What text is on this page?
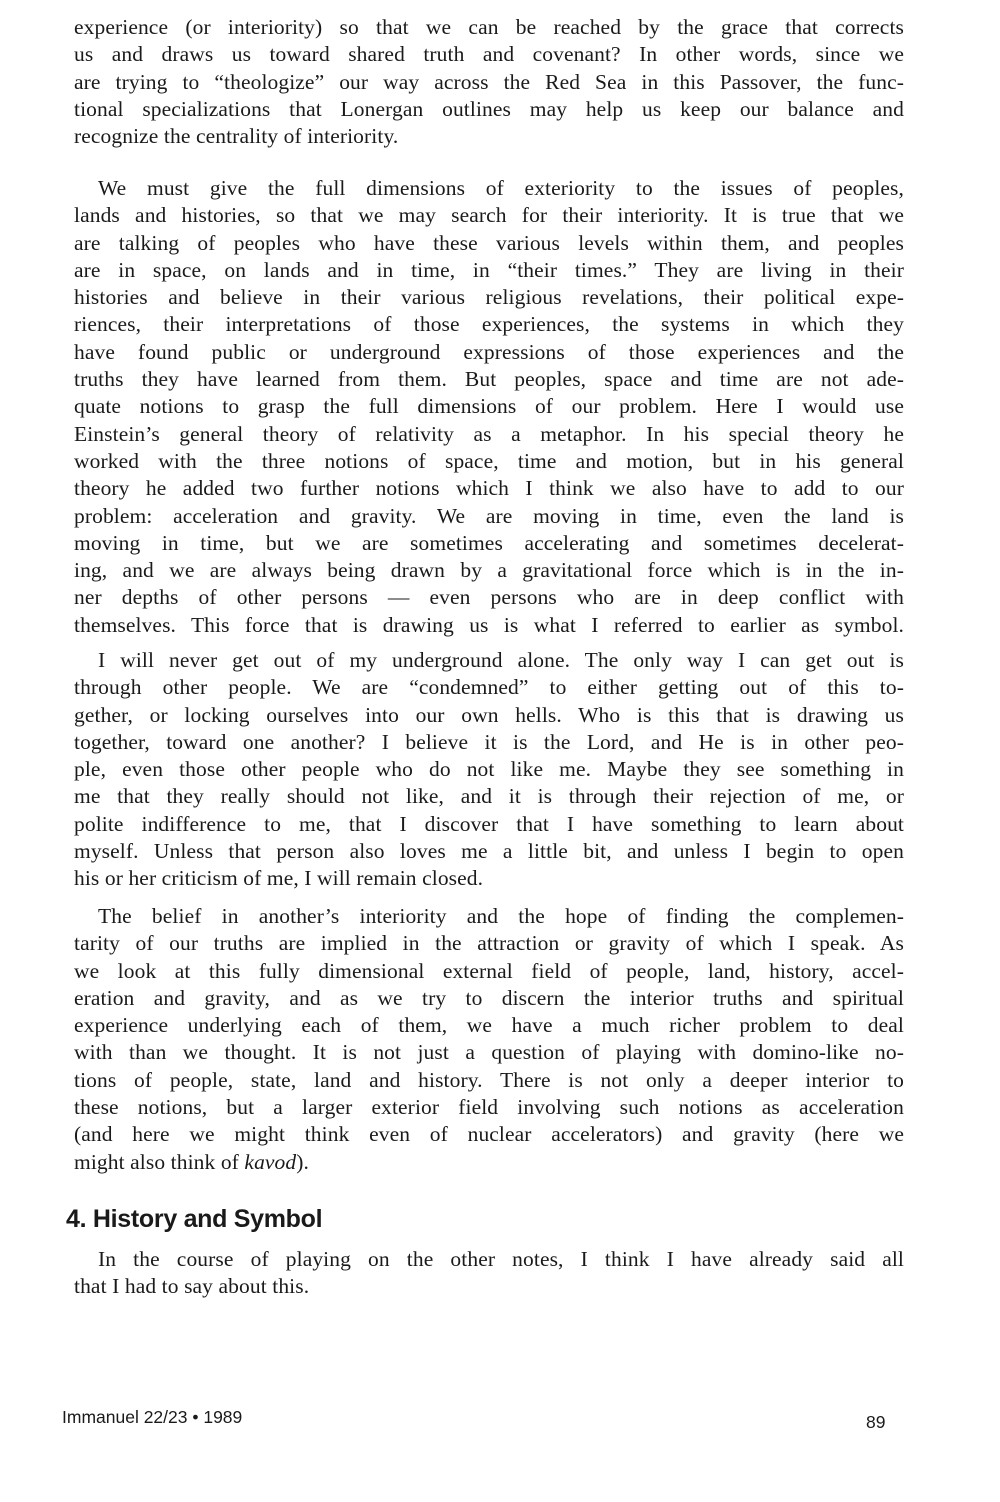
experience (or interiority) so that we can be reached by the grace that corrects
us and draws us toward shared truth and covenant? In other words, since we
are trying to “theologize” our way across the Red Sea in this Passover, the func-
tional specializations that Lonergan outlines may help us keep our balance and
recognize the centrality of interiority.
We must give the full dimensions of exteriority to the issues of peoples,
lands and histories, so that we may search for their interiority. It is true that we
are talking of peoples who have these various levels within them, and peoples
are in space, on lands and in time, in “their times.” They are living in their
histories and believe in their various religious revelations, their political expe-
riences, their interpretations of those experiences, the systems in which they
have found public or underground expressions of those experiences and the
truths they have learned from them. But peoples, space and time are not ade-
quate notions to grasp the full dimensions of our problem. Here I would use
Einstein’s general theory of relativity as a metaphor. In his special theory he
worked with the three notions of space, time and motion, but in his general
theory he added two further notions which I think we also have to add to our
problem: acceleration and gravity. We are moving in time, even the land is
moving in time, but we are sometimes accelerating and sometimes decelerat-
ing, and we are always being drawn by a gravitational force which is in the in-
ner depths of other persons — even persons who are in deep conflict with
themselves. This force that is drawing us is what I referred to earlier as symbol.
I will never get out of my underground alone. The only way I can get out is
through other people. We are “condemned” to either getting out of this to-
gether, or locking ourselves into our own hells. Who is this that is drawing us
together, toward one another? I believe it is the Lord, and He is in other peo-
ple, even those other people who do not like me. Maybe they see something in
me that they really should not like, and it is through their rejection of me, or
polite indifference to me, that I discover that I have something to learn about
myself. Unless that person also loves me a little bit, and unless I begin to open
his or her criticism of me, I will remain closed.
The belief in another’s interiority and the hope of finding the complemen-
tarity of our truths are implied in the attraction or gravity of which I speak. As
we look at this fully dimensional external field of people, land, history, accel-
eration and gravity, and as we try to discern the interior truths and spiritual
experience underlying each of them, we have a much richer problem to deal
with than we thought. It is not just a question of playing with domino-like no-
tions of people, state, land and history. There is not only a deeper interior to
these notions, but a larger exterior field involving such notions as acceleration
(and here we might think even of nuclear accelerators) and gravity (here we
might also think of kavod).
4. History and Symbol
In the course of playing on the other notes, I think I have already said all
that I had to say about this.
Immanuel 22/23 • 1989	89
